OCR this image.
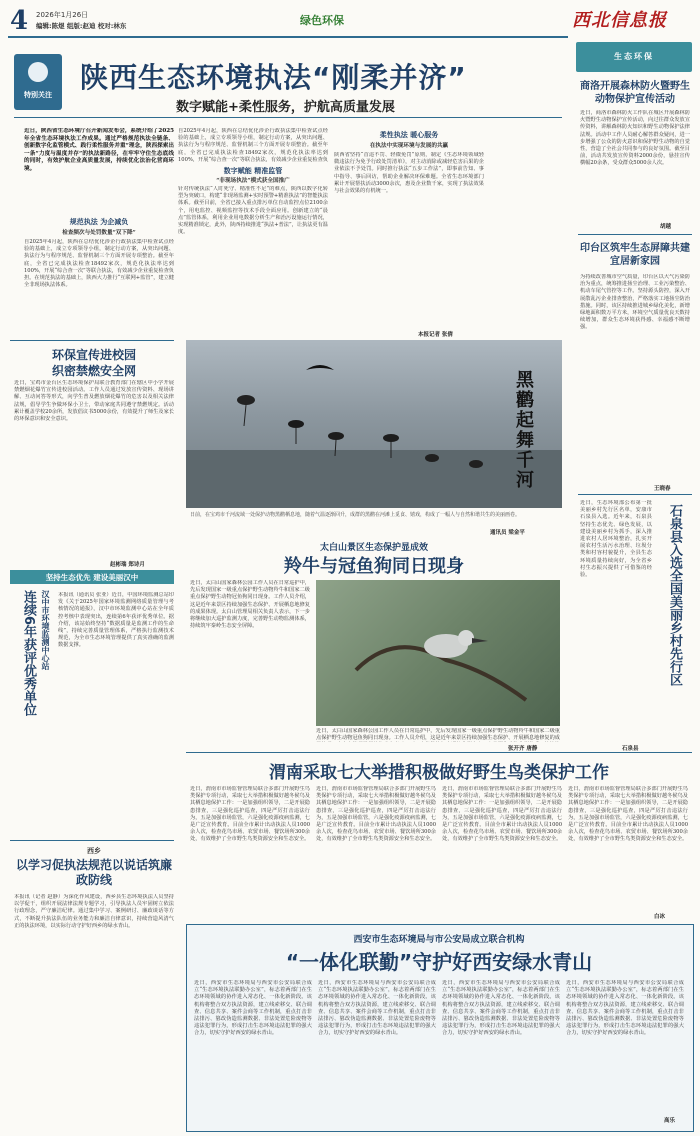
4 2026年1月26日
编辑:陈煜 组版:赵迪 校对:林东	绿色环保	西北信息报
特别关注
陕西生态环境执法“刚柔并济”
数字赋能+柔性服务，护航高质量发展
近日，陕西省生态环境厅召开新闻发布会，系统介绍了2025年全省生态环境执法工作成果。通过严格规范执法全链条、创新数字化监管模式、践行柔性服务并重“理念，陕西探索出一条“力度与温度并存”的执法新路径，在牢牢守住生态底线的同时，有效护航企业高质量发展，持续优化法治化营商环境。
规范执法 为企减负
检查频次与处罚数量“双下降”
自2025年4月起，陕西在总结优化涉企行政执法集中检查试点经验的基础上，成立专项领导小组，制定行动方案，从突出问题、执法行为与程序规范、监督机制三个方面开展专项整治。截至年底，全省已完成执法检查18492家次，规范化执法率达到100%，开展“综合查一次”等联合执法，有效减少企业重复检查负担。在规范执法的基础上，陕西大力推行“互联网+监管”，建立健全非现场执法体系。
自2025年4月起，陕西在总结优化涉企行政执法集中检查试点经验的基础上，成立专项领导小组，制定行动方案，从突出问题、执法行为与程序规范、监督机制三个方面开展专项整治。截至年底，全省已完成执法检查18492家次，规范化执法率达到100%，开展“综合查一次”等联合执法，有效减少企业重复检查负
数字赋能 精准监管
“非现场执法”模式获全国推广
针对传统执法“人盯死守、精准性不足”的难点，陕西以数字化转型为突破口，构建“非现场监测+实时预警+精准执法”的智能执法体系。截至目前，全省已接入重点排污单位自动监控点位2100余个，用电监控、视频监控等技术手段全面应用。创新建立的“晨点”监管体系，利用企业用电数据分析生产和治污设施运行情况，实现精准锁定，此外，陕西持续推进“执法+普法”，让执法更有温度。
柔性执法 暖心服务
在执法中实现环境与发展的共赢
陕西省坚持“首违不罚、轻微免罚”原则，制定《生态环境领域轻微违法行为免予行政处罚清单》，对主动消除或减轻危害后果的企业依法不予处罚。同时推行执法“五步工作法”，即事前告知、事中指导、事后回访，帮助企业解决环保难题。全省生态环境部门累计开展帮扶活动3000余次，惠及企业数千家，实现了执法效果与社会效果的有机统一。
本报记者 张倩
生态环保
商洛开展森林防火暨野生动物保护宣传活动
近日，商洛市森林防火工作队在城区开展森林防火暨野生动物保护宣传活动，向过往群众发放宣传资料，讲解森林防火知识和野生动物保护法律法规。活动中工作人员耐心解答群众疑问，进一步增强了公众的防火意识和保护野生动物的自觉性，营造了全社会共同参与的良好氛围。截至目前，活动共发放宣传资料2000余份，悬挂宣传横幅20余条，受众群众5000余人次。
胡越
印台区筑牢生态屏障共建宜居新家园
为持续改善城市空气质量，印台区以大气污染防治为重点，统筹推进扬尘治理、工业污染整治、机动车尾气管控等工作。坚持源头防控，深入开展散乱污企业排查整治，严格落实工地扬尘防治措施。同时，该区持续推进城乡绿化美化，新增绿地面积数万平方米，环境空气质量优良天数持续增加，群众生态环境获得感、幸福感不断增强。
王晓春
近日，生态环境部公布第一批美丽乡村先行区名单，安康市石泉县入选。近年来，石泉县坚持生态优先、绿色发展，以建设美丽乡村为抓手，深入推进农村人居环境整治，扎实开展农村生活污水治理、垃圾分类和村容村貌提升，全县生态环境质量持续向好，为全省乡村生态振兴提供了可借鉴的经验。	石泉县入选全国美丽乡村先行区
石泉县
环保宣传进校园
织密禁燃安全网
近日，宝鸡市金台区生态环境保护局联合教育部门在辖区中小学开展禁燃烟花爆竹宣传进校园活动。工作人员通过发放宣传资料、现场讲解、互动问答等形式，向学生普及燃放烟花爆竹的危害以及相关法律法规，倡导学生争做环保小卫士，带动家庭共同遵守禁燃规定。活动累计覆盖学校20余所，发放倡议书5000余份，有效提升了师生及家长的环保意识和安全意识。
赵彬瑞 郑诗月
黑鹳起舞千河
日前，在宝鸡市千河流域一处保护动物黑鹳栖息地，随着气温逐渐回升，成群的黑鹳在河滩上觅食、嬉戏，构成了一幅人与自然和谐共生的美丽画卷。
通讯员 梁金平
坚持生态优先 建设美丽汉中
连续6年获评优秀单位 汉中市环境监测中心站 本报讯（通讯员 张亚）近日，中国环境监测总站印发《关于2025年国家环境监测网络质量管理与考核情况的通报》，汉中市环境监测中心站在全年质控考核中表现突出，连续第6年获评优秀单位。据介绍，该站始终坚持“数据质量是监测工作的生命线”，持续完善质量管理体系，严格执行监测技术规范，为全市生态环境管理提供了真实准确的监测数据支撑。
太白山景区生态保护显成效
羚牛与冠鱼狗同日现身
近日，太白山国家森林公园工作人员在日常巡护中，先后发现国家一级重点保护野生动物羚牛和国家二级重点保护野生动物冠鱼狗同日现身。工作人员介绍，这是近年来景区持续加强生态保护、开展栖息地修复的成果体现。太白山管理局相关负责人表示，下一步将继续加大巡护监测力度，完善野生动物监测体系，持续筑牢秦岭生态安全屏障。
近日，太白山国家森林公园工作人员在日常巡护中，先后发现国家一级重点保护野生动物羚牛和国家二级重点保护野生动物冠鱼狗同日现身。工作人员介绍，这是近年来景区持续加强生态保护、开展栖息地修复的成
张开齐 唐静
渭南采取七大举措积极做好野生鸟类保护工作
近日，渭南市市场监督管理局联合多部门开展野生鸟类保护专项行动，采取七大举措积极做好越冬候鸟及其栖息地保护工作：一是加强组织领导，二是开展隐患排查，三是强化巡护巡查，四是严厉打击违法行为，五是加强市场监管，六是强化疫源疫病监测，七是广泛宣传教育。目前全市累计出动执法人员1000余人次，检查花鸟市场、农贸市场、餐饮场所300余处，有效维护了全市野生鸟类资源安全和生态安全。
近日，渭南市市场监督管理局联合多部门开展野生鸟类保护专项行动，采取七大举措积极做好越冬候鸟及其栖息地保护工作：一是加强组织领导，二是开展隐患排查，三是强化巡护巡查，四是严厉打击违法行为，五是加强市场监管，六是强化疫源疫病监测，七是广泛宣传教育。目前全市累计出动执法人员1000余人次，检查花鸟市场、农贸市场、餐饮场所300余处，有效维护了全市野生鸟类资源安全和生态安全。
近日，渭南市市场监督管理局联合多部门开展野生鸟类保护专项行动，采取七大举措积极做好越冬候鸟及其栖息地保护工作：一是加强组织领导，二是开展隐患排查，三是强化巡护巡查，四是严厉打击违法行为，五是加强市场监管，六是强化疫源疫病监测，七是广泛宣传教育。目前全市累计出动执法人员1000余人次，检查花鸟市场、农贸市场、餐饮场所300余处，有效维护了全市野生鸟类资源安全和生态安全。
近日，渭南市市场监督管理局联合多部门开展野生鸟类保护专项行动，采取七大举措积极做好越冬候鸟及其栖息地保护工作：一是加强组织领导，二是开展隐患排查，三是强化巡护巡查，四是严厉打击违法行为，五是加强市场监管，六是强化疫源疫病监测，七是广泛宣传教育。目前全市累计出动执法人员1000余人次，检查花鸟市场、农贸市场、餐饮场所300余处，有效维护了全市野生鸟类资源安全和生态安全。
白冰
西乡
以学习促执法规范以说话筑廉政防线
本报讯（记者 赵静）为深化作风建设，西乡县生态环境执法人员坚持以学促干，组织开展法律法规专题学习，引导执法人员牢固树立依法行政理念，严守廉洁纪律。通过集中学习、案例研讨、廉政谈话等方式，不断提升执法队伍的业务能力和廉洁自律意识，持续营造风清气正的执法环境，以实际行动守护好西乡的绿水青山。
西安市生态环境局与市公安局成立联合机构
“一体化联勤”守护好西安绿水青山
近日，西安市生态环境局与西安市公安局联合成立“生态环境执法联勤办公室”，标志着两部门在生态环境领域的协作进入常态化、一体化新阶段。该机构将整合双方执法资源，建立线索移交、联合调查、信息共享、案件会商等工作机制，重点打击非法排污、篡改伪造监测数据、非法处置危险废物等违法犯罪行为，形成打击生态环境违法犯罪的强大合力，切实守护好西安的绿水青山。
近日，西安市生态环境局与西安市公安局联合成立“生态环境执法联勤办公室”，标志着两部门在生态环境领域的协作进入常态化、一体化新阶段。该机构将整合双方执法资源，建立线索移交、联合调查、信息共享、案件会商等工作机制，重点打击非法排污、篡改伪造监测数据、非法处置危险废物等违法犯罪行为，形成打击生态环境违法犯罪的强大合力，切实守护好西安的绿水青山。
近日，西安市生态环境局与西安市公安局联合成立“生态环境执法联勤办公室”，标志着两部门在生态环境领域的协作进入常态化、一体化新阶段。该机构将整合双方执法资源，建立线索移交、联合调查、信息共享、案件会商等工作机制，重点打击非法排污、篡改伪造监测数据、非法处置危险废物等违法犯罪行为，形成打击生态环境违法犯罪的强大合力，切实守护好西安的绿水青山。
近日，西安市生态环境局与西安市公安局联合成立“生态环境执法联勤办公室”，标志着两部门在生态环境领域的协作进入常态化、一体化新阶段。该机构将整合双方执法资源，建立线索移交、联合调查、信息共享、案件会商等工作机制，重点打击非法排污、篡改伪造监测数据、非法处置危险废物等违法犯罪行为，形成打击生态环境违法犯罪的强大合力，切实守护好西安的绿水青山。
高乐
